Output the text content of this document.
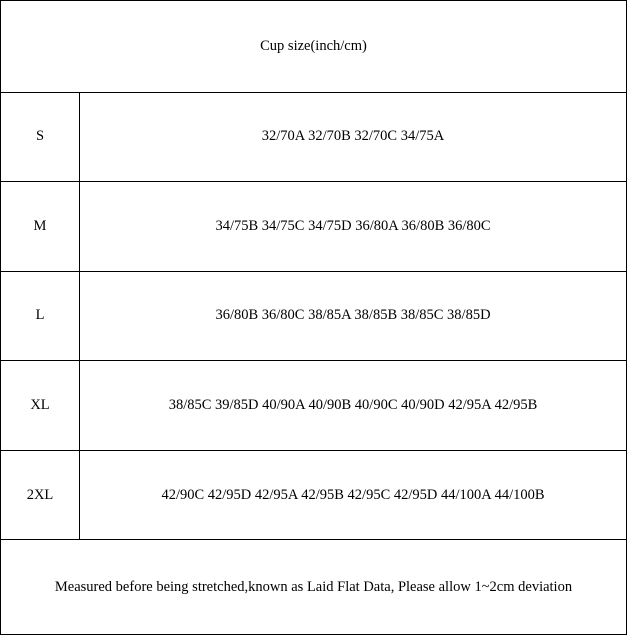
Cup size(inch/cm)	
S	32/70A 32/70B 32/70C 34/75A
M	34/75B 34/75C 34/75D 36/80A 36/80B 36/80C
L	36/80B 36/80C 38/85A 38/85B 38/85C 38/85D
XL	38/85C 39/85D 40/90A 40/90B 40/90C 40/90D 42/95A 42/95B
2XL	42/90C 42/95D 42/95A 42/95B 42/95C 42/95D 44/100A 44/100B
Measured before being stretched,known as Laid Flat Data, Please allow 1~2cm deviation	
